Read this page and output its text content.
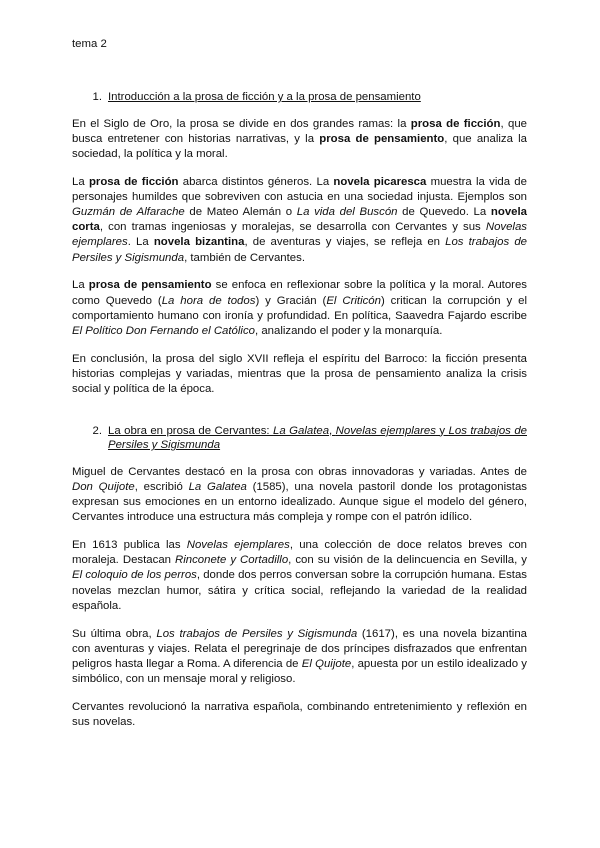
tema 2
1. Introducción a la prosa de ficción y a la prosa de pensamiento

En el Siglo de Oro, la prosa se divide en dos grandes ramas: la prosa de ficción, que busca entretener con historias narrativas, y la prosa de pensamiento, que analiza la sociedad, la política y la moral.

La prosa de ficción abarca distintos géneros. La novela picaresca muestra la vida de personajes humildes que sobreviven con astucia en una sociedad injusta. Ejemplos son Guzmán de Alfarache de Mateo Alemán o La vida del Buscón de Quevedo. La novela corta, con tramas ingeniosas y moralejas, se desarrolla con Cervantes y sus Novelas ejemplares. La novela bizantina, de aventuras y viajes, se refleja en Los trabajos de Persiles y Sigismunda, también de Cervantes.

La prosa de pensamiento se enfoca en reflexionar sobre la política y la moral. Autores como Quevedo (La hora de todos) y Gracián (El Criticón) critican la corrupción y el comportamiento humano con ironía y profundidad. En política, Saavedra Fajardo escribe El Político Don Fernando el Católico, analizando el poder y la monarquía.

En conclusión, la prosa del siglo XVII refleja el espíritu del Barroco: la ficción presenta historias complejas y variadas, mientras que la prosa de pensamiento analiza la crisis social y política de la época.

2. La obra en prosa de Cervantes: La Galatea, Novelas ejemplares y Los trabajos de Persiles y Sigismunda

Miguel de Cervantes destacó en la prosa con obras innovadoras y variadas. Antes de Don Quijote, escribió La Galatea (1585), una novela pastoril donde los protagonistas expresan sus emociones en un entorno idealizado. Aunque sigue el modelo del género, Cervantes introduce una estructura más compleja y rompe con el patrón idílico.

En 1613 publica las Novelas ejemplares, una colección de doce relatos breves con moraleja. Destacan Rinconete y Cortadillo, con su visión de la delincuencia en Sevilla, y El coloquio de los perros, donde dos perros conversan sobre la corrupción humana. Estas novelas mezclan humor, sátira y crítica social, reflejando la variedad de la realidad española.

Su última obra, Los trabajos de Persiles y Sigismunda (1617), es una novela bizantina con aventuras y viajes. Relata el peregrinaje de dos príncipes disfrazados que enfrentan peligros hasta llegar a Roma. A diferencia de El Quijote, apuesta por un estilo idealizado y simbólico, con un mensaje moral y religioso.

Cervantes revolucionó la narrativa española, combinando entretenimiento y reflexión en sus novelas.
